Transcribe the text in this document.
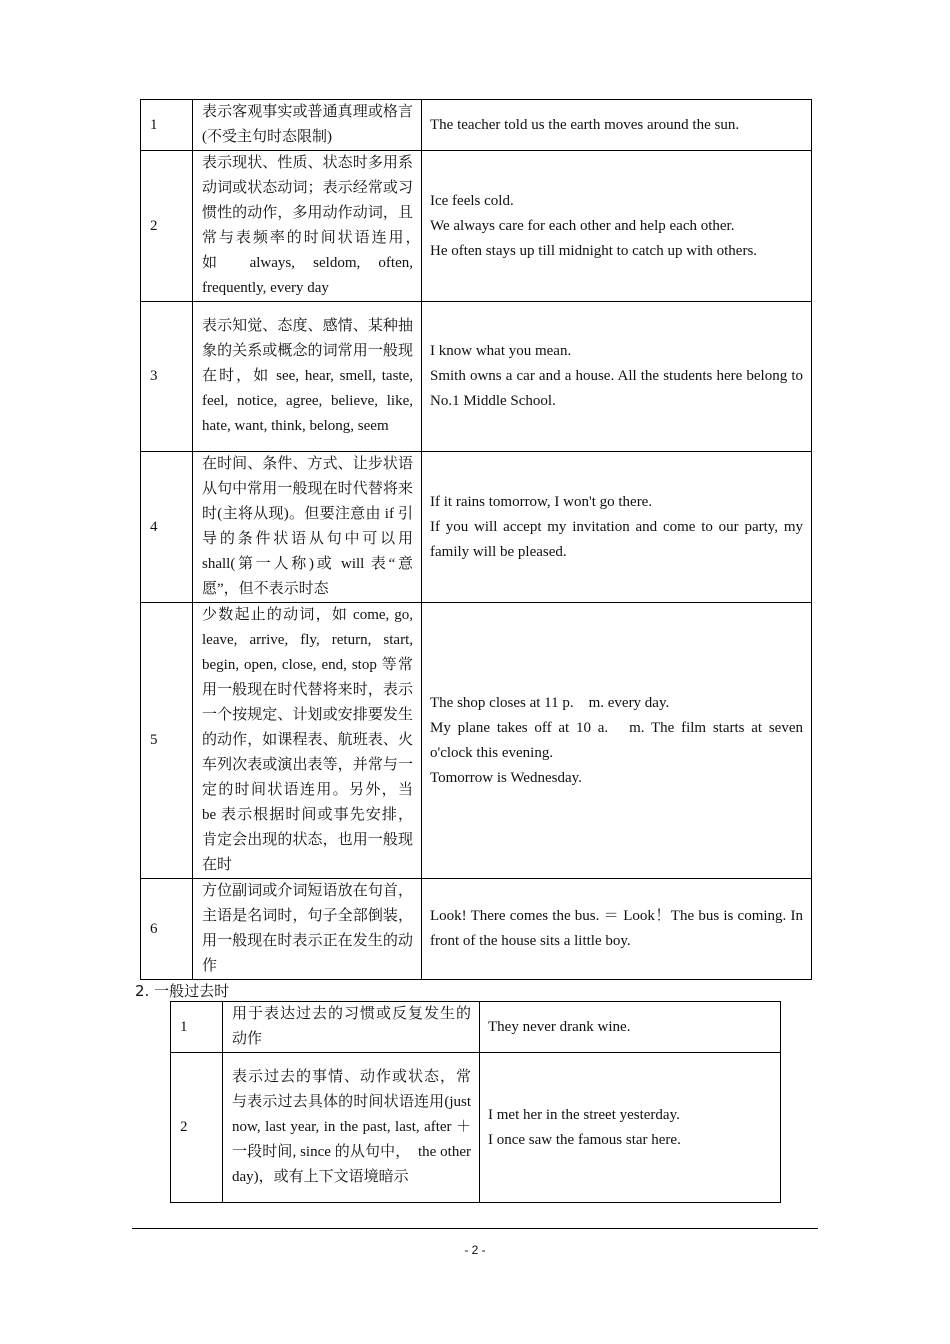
1	表示客观事实或普通真理或格言(不受主句时态限制)	The teacher told us the earth moves around the sun.

2	表示现状、性质、状态时多用系动词或状态动词；表示经常或习惯性的动作，多用动作动词，且常与表频率的时间状语连用，　如 always, seldom, often, frequently, every day	Ice feels cold.
We always care for each other and help each other.
He often stays up till midnight to catch up with others.

3	表示知觉、态度、感情、某种抽象的关系或概念的词常用一般现在时，如 see, hear, smell, taste, feel, notice, agree, believe, like, hate, want, think, belong, seem	I know what you mean.
Smith owns a car and a house. All the students here belong to No.1 Middle School.

4	在时间、条件、方式、让步状语从句中常用一般现在时代替将来时(主将从现)。但要注意由 if 引导的条件状语从句中可以用 shall(第一人称)或 will 表“意愿”，但不表示时态	If it rains tomorrow, I won't go there.
If you will accept my invitation and come to our party, my family will be pleased.

5	少数起止的动词，如 come, go, leave, arrive, fly, return, start, begin, open, close, end, stop 等常用一般现在时代替将来时，表示一个按规定、计划或安排要发生的动作，如课程表、航班表、火车列次表或演出表等，并常与一定的时间状语连用。另外，当 be 表示根据时间或事先安排，肯定会出现的状态，也用一般现在时	The shop closes at 11 p.　m. every day.
My plane takes off at 10 a.　m. The film starts at seven o'clock this evening.
Tomorrow is Wednesday.

6	方位副词或介词短语放在句首，主语是名词时，句子全部倒装，用一般现在时表示正在发生的动作	Look! There comes the bus. ＝ Look！The bus is coming. In front of the house sits a little boy.
2. 一般过去时
1	用于表达过去的习惯或反复发生的动作	They never drank wine.

2	表示过去的事情、动作或状态，常与表示过去具体的时间状语连用(just now, last year, in the past, last, after ＋一段时间, since 的从句中，　the other day)，或有上下文语境暗示	I met her in the street yesterday.
I once saw the famous star here.
- 2 -
